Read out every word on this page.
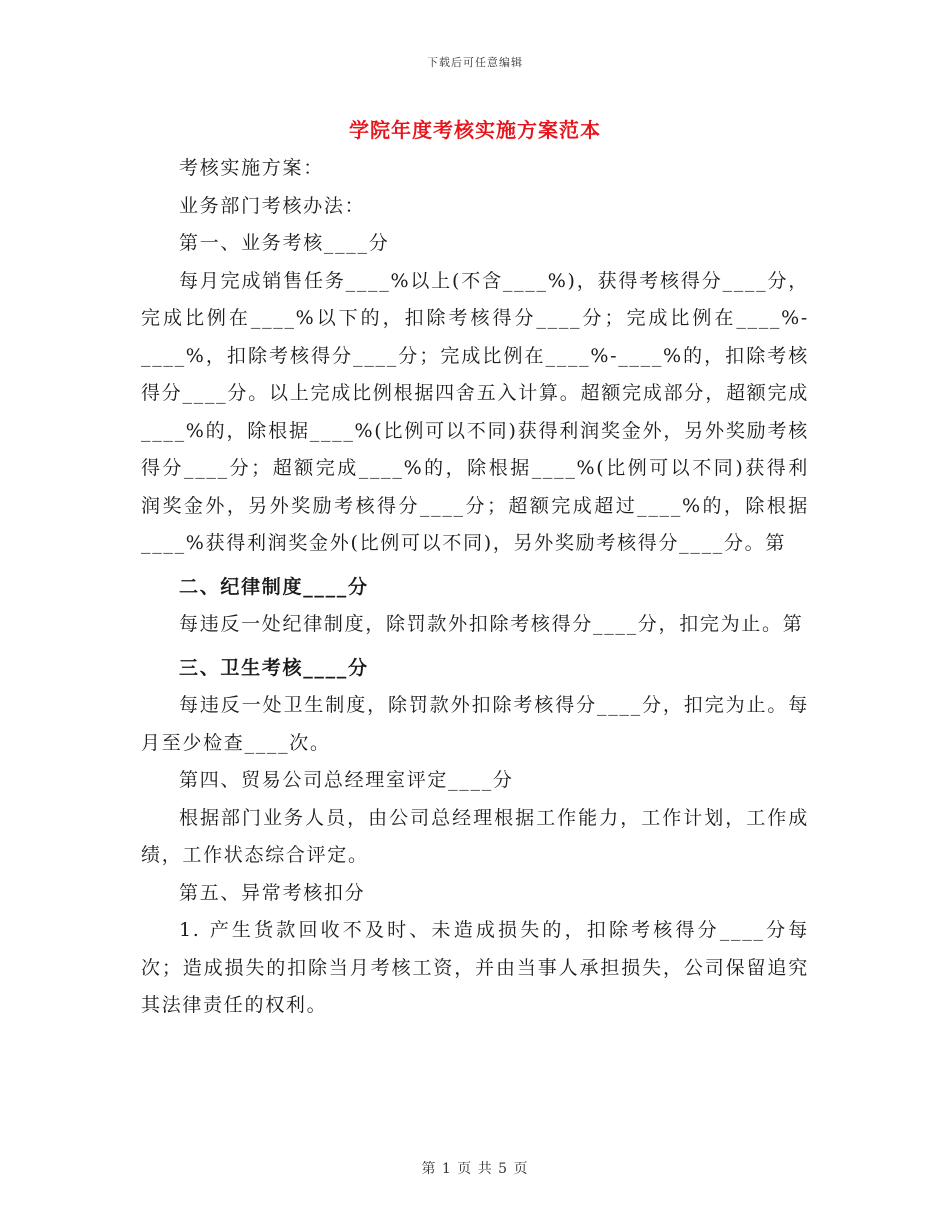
下载后可任意编辑
学院年度考核实施方案范本

考核实施方案：

业务部门考核办法：

第一、业务考核____分

每月完成销售任务____%以上(不含____%)，获得考核得分____分，完成比例在____%以下的，扣除考核得分____分；完成比例在____%-____%，扣除考核得分____分；完成比例在____%-____%的，扣除考核得分____分。以上完成比例根据四舍五入计算。超额完成部分，超额完成____%的，除根据____%(比例可以不同)获得利润奖金外，另外奖励考核得分____分；超额完成____%的，除根据____%(比例可以不同)获得利润奖金外，另外奖励考核得分____分；超额完成超过____%的，除根据____%获得利润奖金外(比例可以不同)，另外奖励考核得分____分。第

二、纪律制度____分

每违反一处纪律制度，除罚款外扣除考核得分____分，扣完为止。第

三、卫生考核____分

每违反一处卫生制度，除罚款外扣除考核得分____分，扣完为止。每月至少检查____次。

第四、贸易公司总经理室评定____分

根据部门业务人员，由公司总经理根据工作能力，工作计划，工作成绩，工作状态综合评定。

第五、异常考核扣分

1. 产生货款回收不及时、未造成损失的，扣除考核得分____分每次；造成损失的扣除当月考核工资，并由当事人承担损失，公司保留追究其法律责任的权利。

第 1 页 共 5 页
